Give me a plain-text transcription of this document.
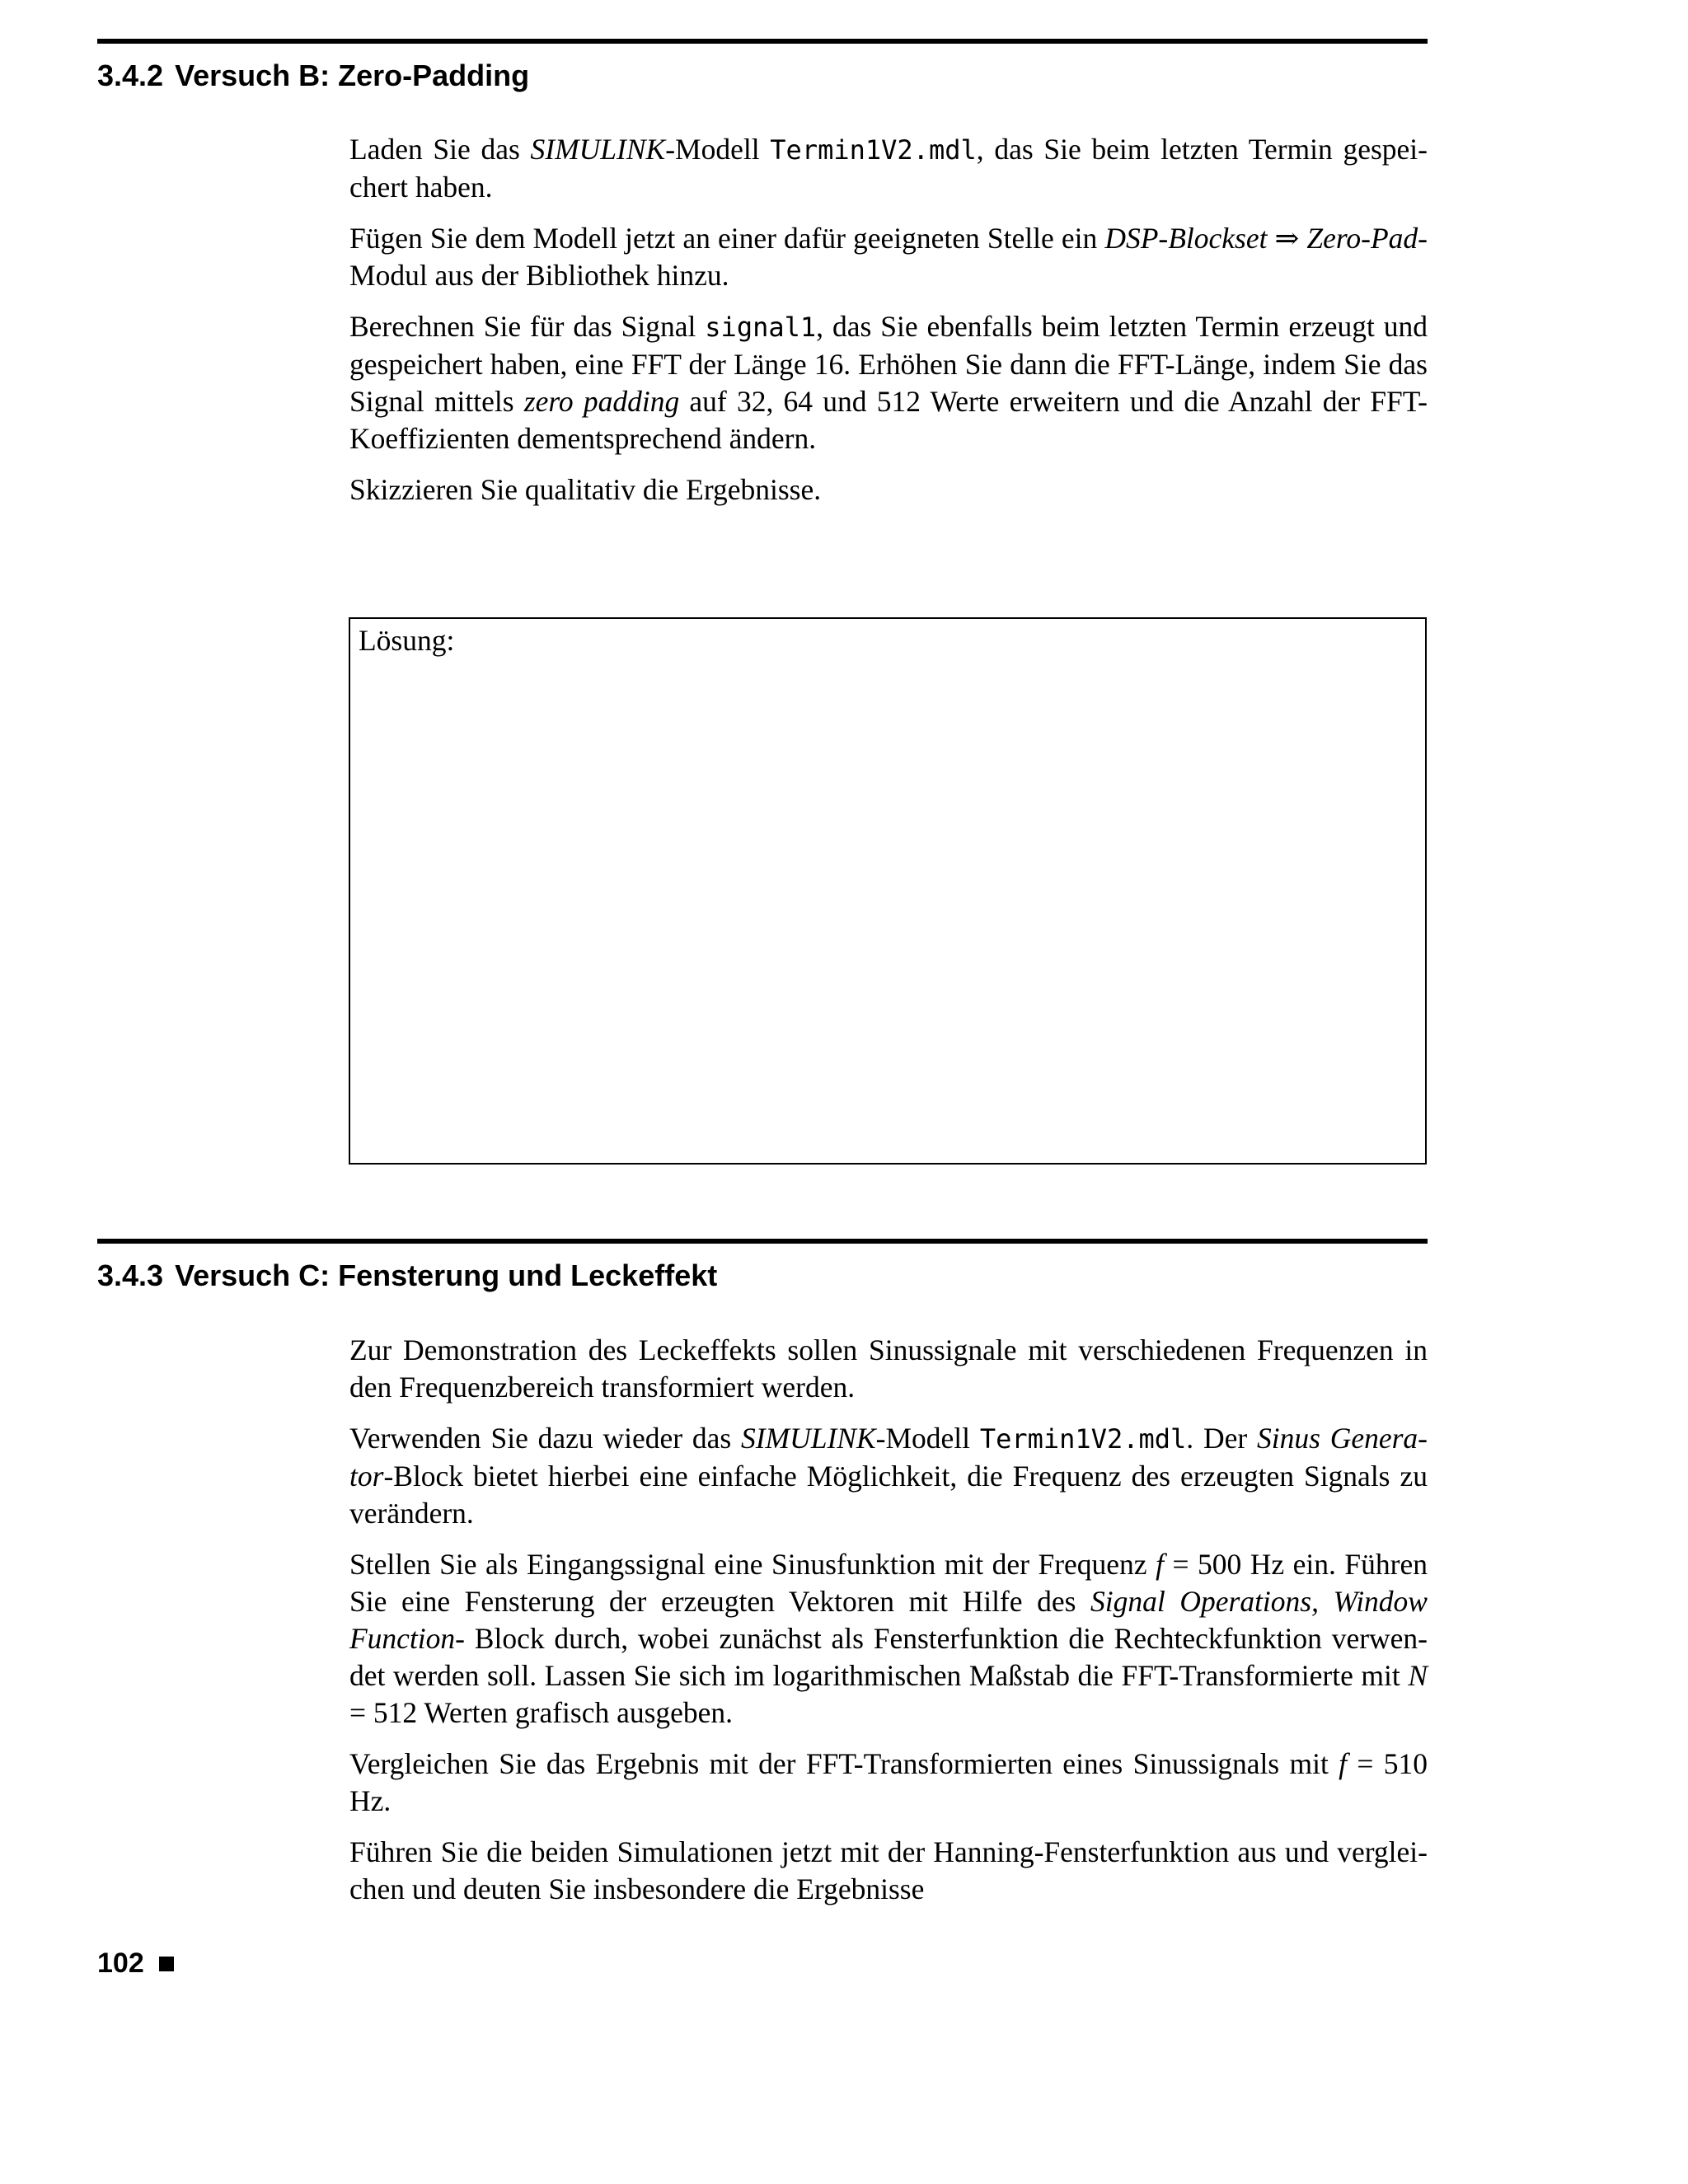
3.4.2 Versuch B: Zero-Padding

Laden Sie das SIMULINK-Modell Termin1V2.mdl, das Sie beim letzten Termin gespeichert haben.

Fügen Sie dem Modell jetzt an einer dafür geeigneten Stelle ein DSP-Blockset ⇒ Zero-Pad-Modul aus der Bibliothek hinzu.

Berechnen Sie für das Signal signal1, das Sie ebenfalls beim letzten Termin erzeugt und gespeichert haben, eine FFT der Länge 16. Erhöhen Sie dann die FFT-Länge, indem Sie das Signal mittels zero padding auf 32, 64 und 512 Werte erweitern und die Anzahl der FFT-Koeffizienten dementsprechend ändern.

Skizzieren Sie qualitativ die Ergebnisse.

Lösung:
3.4.3 Versuch C: Fensterung und Leckeffekt

Zur Demonstration des Leckeffekts sollen Sinussignale mit verschiedenen Frequenzen in den Frequenzbereich transformiert werden.

Verwenden Sie dazu wieder das SIMULINK-Modell Termin1V2.mdl. Der Sinus Generator-Block bietet hierbei eine einfache Möglichkeit, die Frequenz des erzeugten Signals zu verändern.

Stellen Sie als Eingangssignal eine Sinusfunktion mit der Frequenz f = 500 Hz ein. Führen Sie eine Fensterung der erzeugten Vektoren mit Hilfe des Signal Operations, Window Function- Block durch, wobei zunächst als Fensterfunktion die Rechteckfunktion verwendet werden soll. Lassen Sie sich im logarithmischen Maßstab die FFT-Transformierte mit N = 512 Werten grafisch ausgeben.

Vergleichen Sie das Ergebnis mit der FFT-Transformierten eines Sinussignals mit f = 510 Hz.

Führen Sie die beiden Simulationen jetzt mit der Hanning-Fensterfunktion aus und vergleichen und deuten Sie insbesondere die Ergebnisse

102
